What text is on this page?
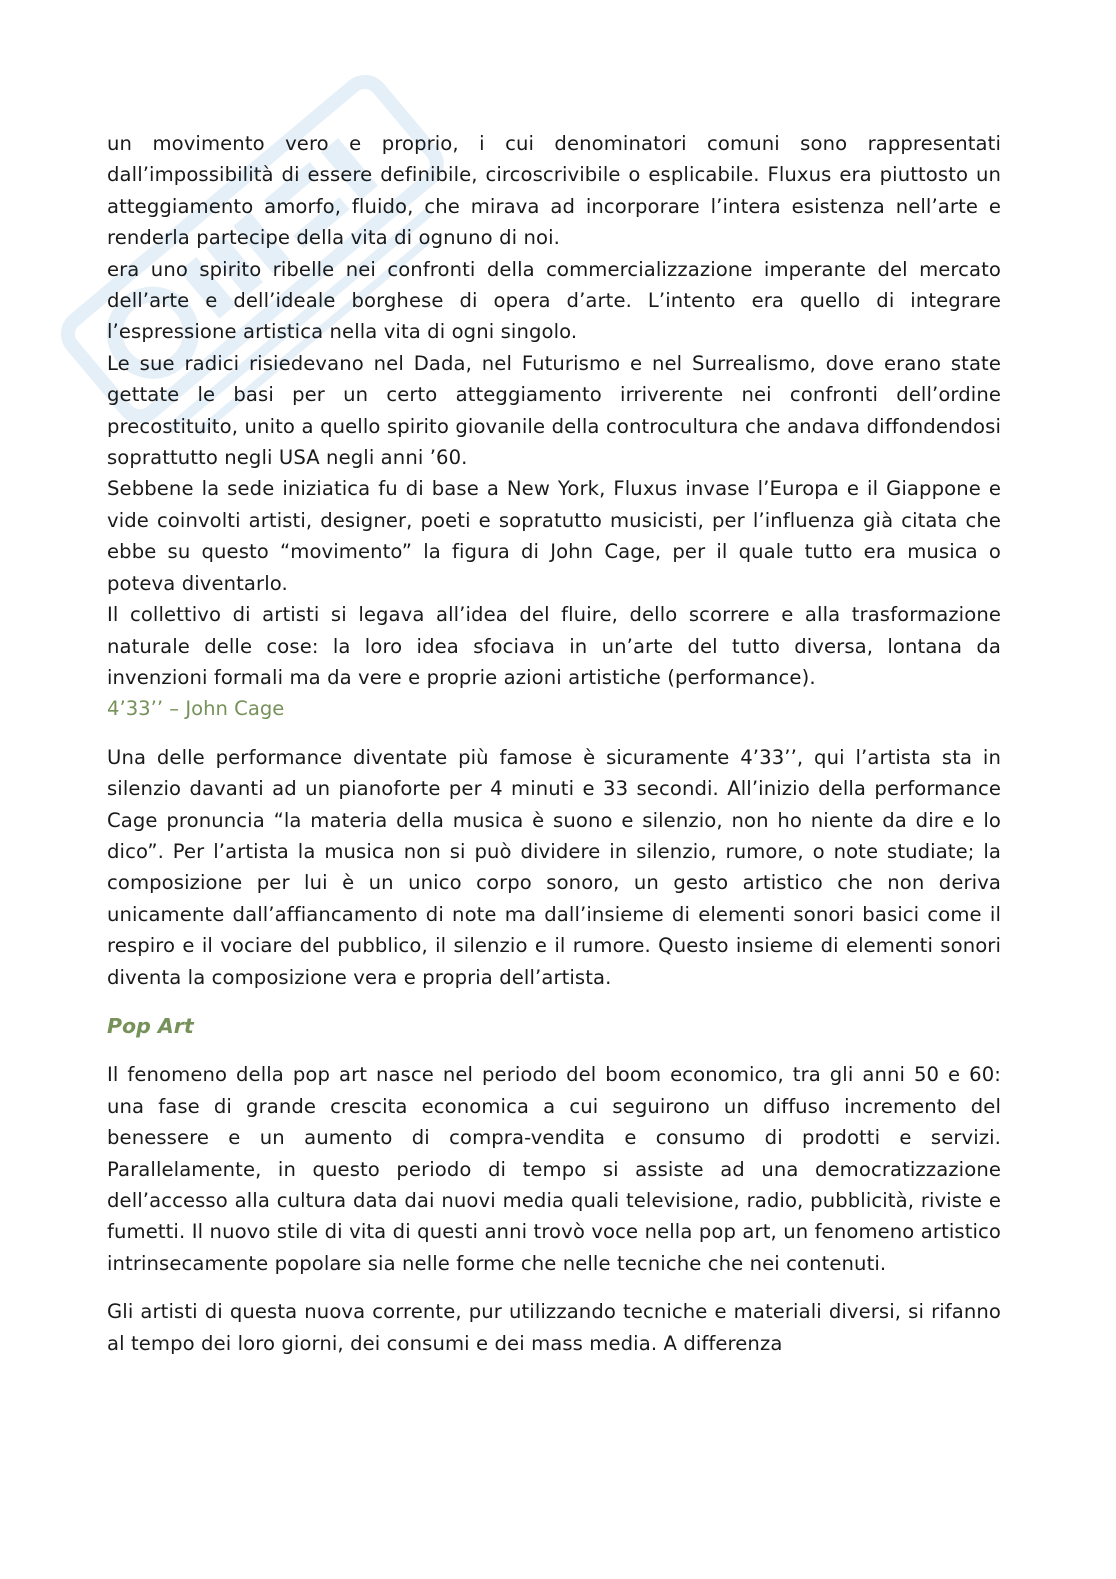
un movimento vero e proprio, i cui denominatori comuni sono rappresentati dall’impossibilità di essere definibile, circoscrivibile o esplicabile. Fluxus era piuttosto un atteggiamento amorfo, fluido, che mirava ad incorporare l’intera esistenza nell’arte e renderla partecipe della vita di ognuno di noi.

era uno spirito ribelle nei confronti della commercializzazione imperante del mercato dell’arte e dell’ideale borghese di opera d’arte. L’intento era quello di integrare l’espressione artistica nella vita di ogni singolo.

Le sue radici risiedevano nel Dada, nel Futurismo e nel Surrealismo, dove erano state gettate le basi per un certo atteggiamento irriverente nei confronti dell’ordine precostituito, unito a quello spirito giovanile della controcultura che andava diffondendosi soprattutto negli USA negli anni ’60.

Sebbene la sede iniziatica fu di base a New York, Fluxus invase l’Europa e il Giappone e vide coinvolti artisti, designer, poeti e sopratutto musicisti, per l’influenza già citata che ebbe su questo “movimento” la figura di John Cage, per il quale tutto era musica o poteva diventarlo.

Il collettivo di artisti si legava all’idea del fluire, dello scorrere e alla trasformazione naturale delle cose: la loro idea sfociava in un’arte del tutto diversa, lontana da invenzioni formali ma da vere e proprie azioni artistiche (performance).

4’33’’ – John Cage

Una delle performance diventate più famose è sicuramente 4’33’’, qui l’artista sta in silenzio davanti ad un pianoforte per 4 minuti e 33 secondi. All’inizio della performance Cage pronuncia “la materia della musica è suono e silenzio, non ho niente da dire e lo dico”. Per l’artista la musica non si può dividere in silenzio, rumore, o note studiate; la composizione per lui è un unico corpo sonoro, un gesto artistico che non deriva unicamente dall’affiancamento di note ma dall’insieme di elementi sonori basici come il respiro e il vociare del pubblico, il silenzio e il rumore. Questo insieme di elementi sonori diventa la composizione vera e propria dell’artista.

Pop Art

Il fenomeno della pop art nasce nel periodo del boom economico, tra gli anni 50 e 60: una fase di grande crescita economica a cui seguirono un diffuso incremento del benessere e un aumento di compra-vendita e consumo di prodotti e servizi. Parallelamente, in questo periodo di tempo si assiste ad una democratizzazione dell’accesso alla cultura data dai nuovi media quali televisione, radio, pubblicità, riviste e fumetti. Il nuovo stile di vita di questi anni trovò voce nella pop art, un fenomeno artistico intrinsecamente popolare sia nelle forme che nelle tecniche che nei contenuti.

Gli artisti di questa nuova corrente, pur utilizzando tecniche e materiali diversi, si rifanno al tempo dei loro giorni, dei consumi e dei mass media. A differenza
